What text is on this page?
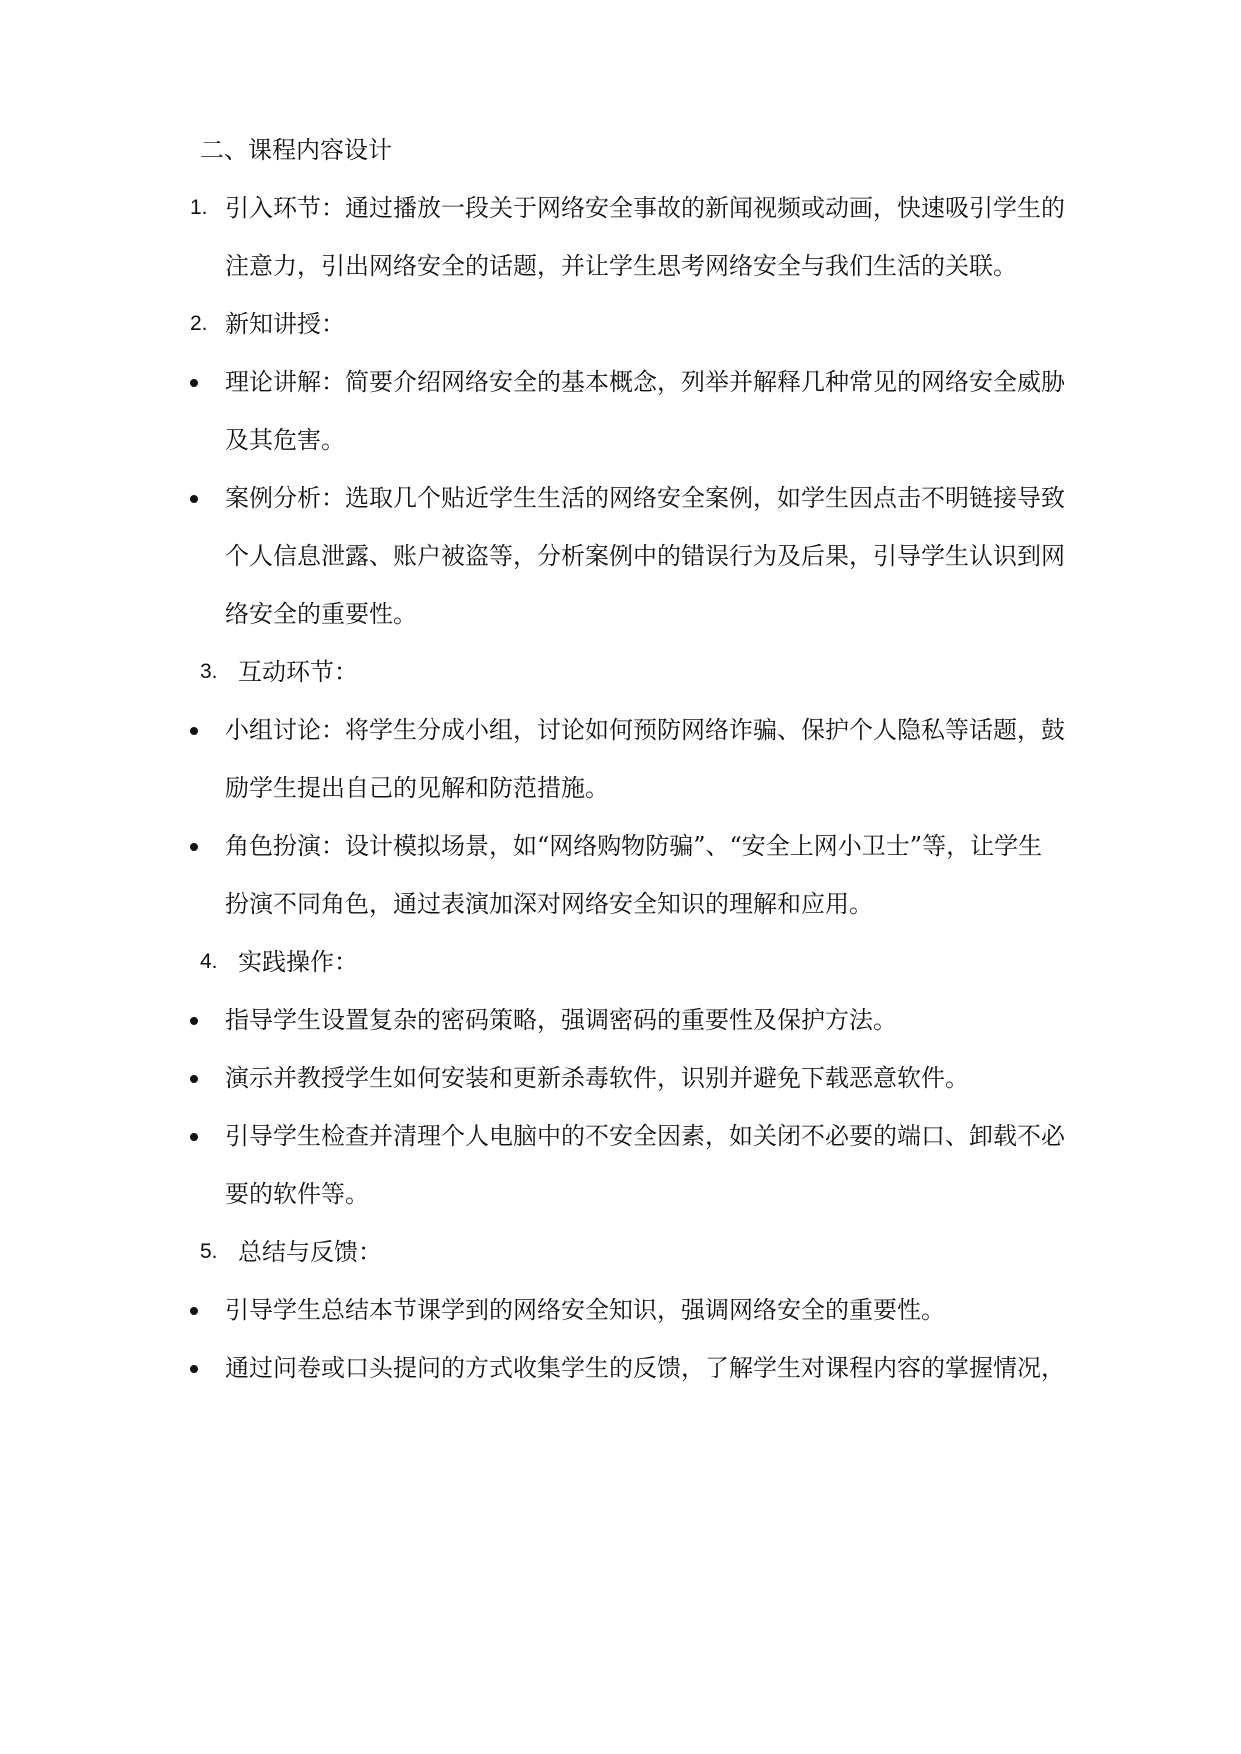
二、课程内容设计
1. 引入环节：通过播放一段关于网络安全事故的新闻视频或动画，快速吸引学生的
注意力，引出网络安全的话题，并让学生思考网络安全与我们生活的关联。
2. 新知讲授：
理论讲解：简要介绍网络安全的基本概念，列举并解释几种常见的网络安全威胁
及其危害。
案例分析：选取几个贴近学生生活的网络安全案例，如学生因点击不明链接导致
个人信息泄露、账户被盗等，分析案例中的错误行为及后果，引导学生认识到网
络安全的重要性。
3. 互动环节：
小组讨论：将学生分成小组，讨论如何预防网络诈骗、保护个人隐私等话题，鼓
励学生提出自己的见解和防范措施。
角色扮演：设计模拟场景，如“网络购物防骗”、“安全上网小卫士”等，让学生
扮演不同角色，通过表演加深对网络安全知识的理解和应用。
4. 实践操作：
指导学生设置复杂的密码策略，强调密码的重要性及保护方法。
演示并教授学生如何安装和更新杀毒软件，识别并避免下载恶意软件。
引导学生检查并清理个人电脑中的不安全因素，如关闭不必要的端口、卸载不必
要的软件等。
5. 总结与反馈：
引导学生总结本节课学到的网络安全知识，强调网络安全的重要性。
通过问卷或口头提问的方式收集学生的反馈，了解学生对课程内容的掌握情况，
